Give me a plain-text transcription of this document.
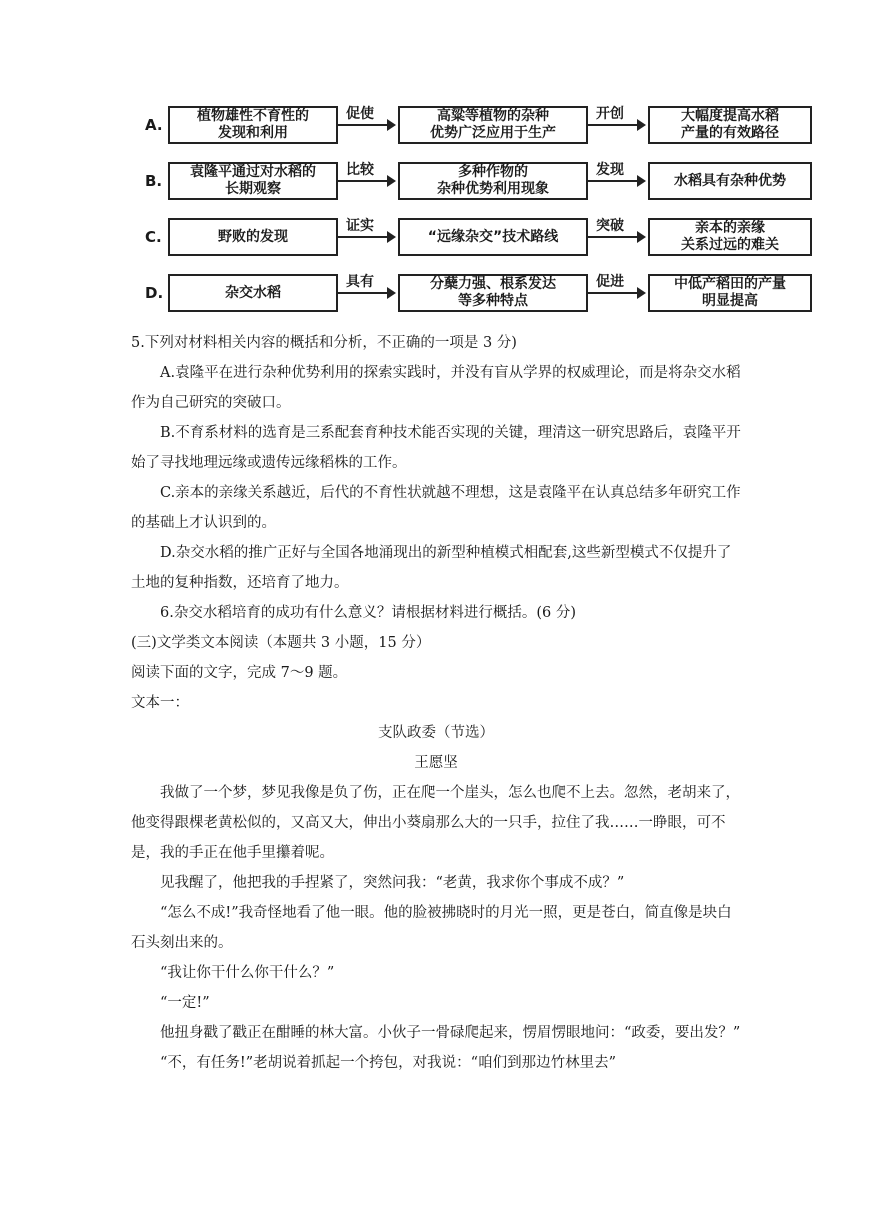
A.	植物雄性不育性的
发现和利用
促使	高粱等植物的杂种
优势广泛应用于生产
开创	大幅度提高水稻
产量的有效路径
B.	袁隆平通过对水稻的
长期观察
比较	多种作物的
杂种优势利用现象
发现
水稻具有杂种优势
C.	野败的发现
证实
“远缘杂交”技术路线
突破	亲本的亲缘
关系过远的难关
D.	杂交水稻
具有	分蘖力强、根系发达
等多种特点
促进	中低产稻田的产量
明显提高

5.下列对材料相关内容的概括和分析，不正确的一项是 3 分)

A.袁隆平在进行杂种优势利用的探索实践时，并没有盲从学界的权威理论，而是将杂交水稻作为自己研究的突破口。

B.不育系材料的选育是三系配套育种技术能否实现的关键，理清这一研究思路后，袁隆平开始了寻找地理远缘或遗传远缘稻株的工作。

C.亲本的亲缘关系越近，后代的不育性状就越不理想，这是袁隆平在认真总结多年研究工作的基础上才认识到的。

D.杂交水稻的推广正好与全国各地涌现出的新型种植模式相配套,这些新型模式不仅提升了土地的复种指数，还培育了地力。

6.杂交水稻培育的成功有什么意义？请根据材料进行概括。(6 分)

(三)文学类文本阅读（本题共 3 小题，15 分）

阅读下面的文字，完成 7～9 题。

文本一：

支队政委（节选）

王愿坚

我做了一个梦，梦见我像是负了伤，正在爬一个崖头，怎么也爬不上去。忽然，老胡来了，他变得跟棵老黄松似的，又高又大，伸出小葵扇那么大的一只手，拉住了我……一睁眼，可不是，我的手正在他手里攥着呢。

见我醒了，他把我的手捏紧了，突然问我：“老黄，我求你个事成不成？”

“怎么不成!”我奇怪地看了他一眼。他的脸被拂晓时的月光一照，更是苍白，简直像是块白石头刻出来的。

“我让你干什么你干什么？”

“一定!”

他扭身戳了戳正在酣睡的林大富。小伙子一骨碌爬起来，愣眉愣眼地问：“政委，要出发？”

“不，有任务!”老胡说着抓起一个挎包，对我说：“咱们到那边竹林里去”
